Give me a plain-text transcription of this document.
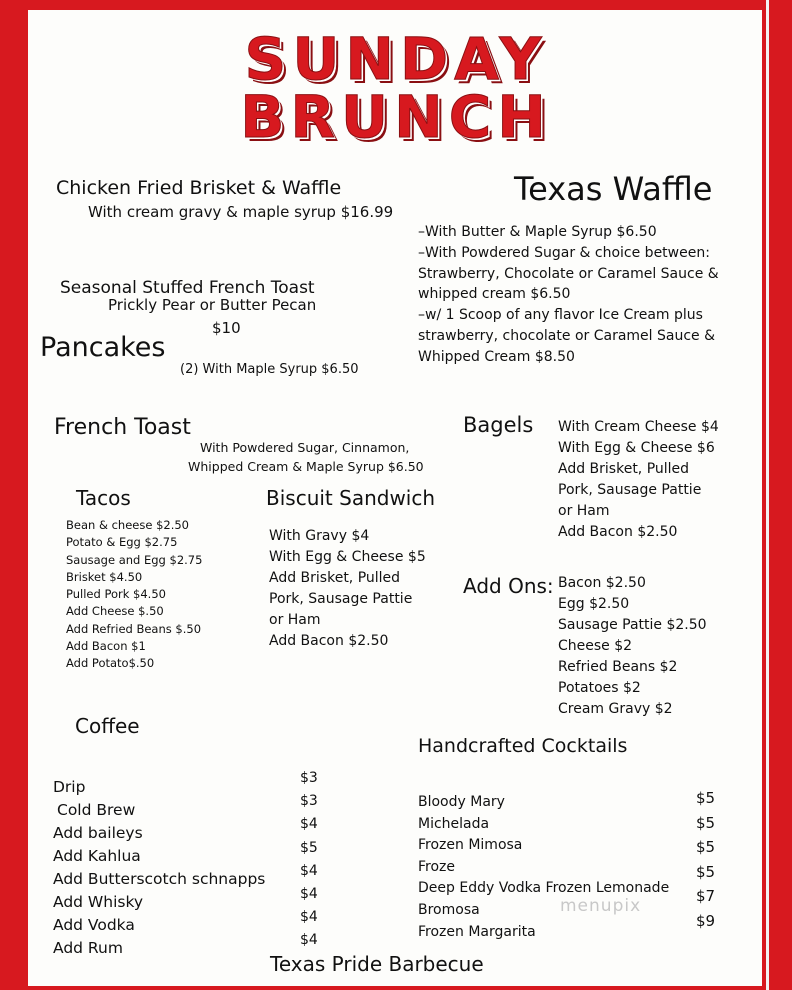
SUNDAY
BRUNCH
Chicken Fried Brisket & Waffle
With cream gravy & maple syrup $16.99
Texas Waffle
–With Butter & Maple Syrup $6.50
–With Powdered Sugar & choice between:
Strawberry, Chocolate or Caramel Sauce &
whipped cream $6.50
–w/ 1 Scoop of any flavor Ice Cream plus
strawberry, chocolate or Caramel Sauce &
Whipped Cream $8.50
Seasonal Stuffed French Toast
Prickly Pear or Butter Pecan
$10
Pancakes
(2) With Maple Syrup $6.50
French Toast
With Powdered Sugar, Cinnamon,
Whipped Cream & Maple Syrup $6.50
Bagels With Cream Cheese $4
With Egg & Cheese $6
Add Brisket, Pulled
Pork, Sausage Pattie
or Ham
Add Bacon $2.50
Tacos
Bean & cheese $2.50
Potato & Egg $2.75
Sausage and Egg $2.75
Brisket $4.50
Pulled Pork $4.50
Add Cheese $.50
Add Refried Beans $.50
Add Bacon $1
Add Potato$.50
Biscuit Sandwich
With Gravy $4
With Egg & Cheese $5
Add Brisket, Pulled
Pork, Sausage Pattie
or Ham
Add Bacon $2.50
Add Ons: Bacon $2.50
Egg $2.50
Sausage Pattie $2.50
Cheese $2
Refried Beans $2
Potatoes $2
Cream Gravy $2
Coffee
Drip
Cold Brew
Add baileys
Add Kahlua
Add Butterscotch schnapps
Add Whisky
Add Vodka
Add Rum
$3
$3
$4
$5
$4
$4
$4
$4
Handcrafted Cocktails
Bloody Mary
Michelada
Frozen Mimosa
Froze
Deep Eddy Vodka Frozen Lemonade
Bromosa
Frozen Margarita
$5
$5
$5
$5
$7
$9
menupix
Texas Pride Barbecue
